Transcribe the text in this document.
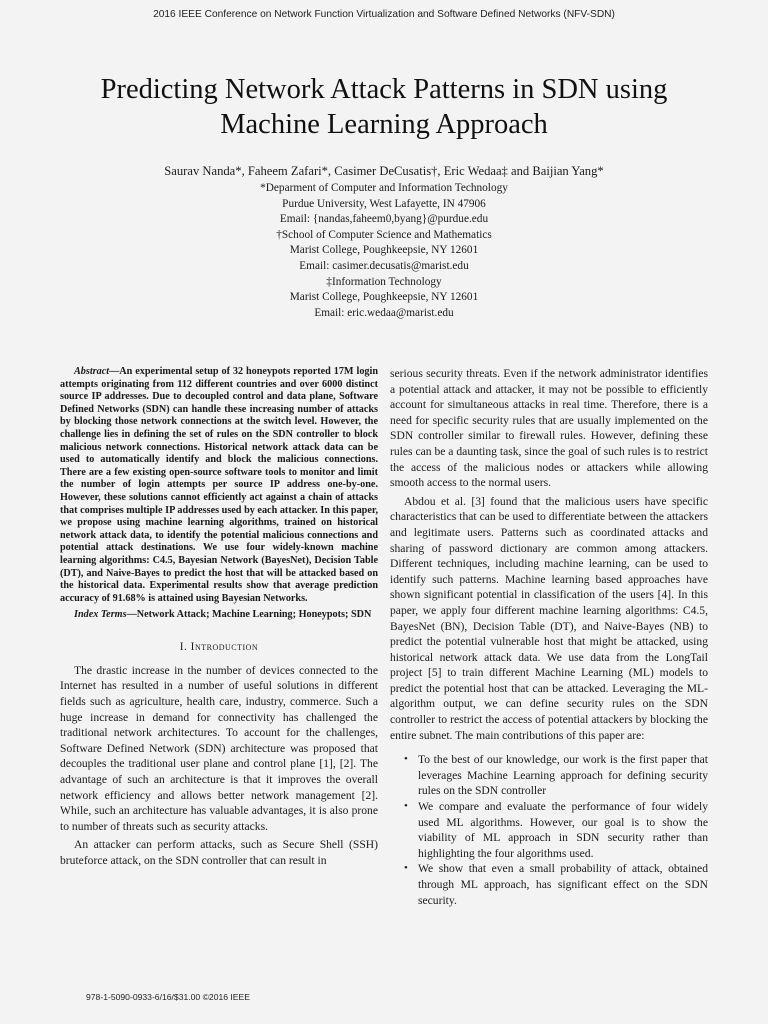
2016 IEEE Conference on Network Function Virtualization and Software Defined Networks (NFV-SDN)
Predicting Network Attack Patterns in SDN using
Machine Learning Approach
Saurav Nanda*, Faheem Zafari*, Casimer DeCusatis†, Eric Wedaa‡ and Baijian Yang*
*Deparment of Computer and Information Technology
Purdue University, West Lafayette, IN 47906
Email: {nandas,faheem0,byang}@purdue.edu
†School of Computer Science and Mathematics
Marist College, Poughkeepsie, NY 12601
Email: casimer.decusatis@marist.edu
‡Information Technology
Marist College, Poughkeepsie, NY 12601
Email: eric.wedaa@marist.edu

Abstract—An experimental setup of 32 honeypots reported 17M login attempts originating from 112 different countries and over 6000 distinct source IP addresses. Due to decoupled control and data plane, Software Defined Networks (SDN) can handle these increasing number of attacks by blocking those network connections at the switch level. However, the challenge lies in defining the set of rules on the SDN controller to block malicious network connections. Historical network attack data can be used to automatically identify and block the malicious connections. There are a few existing open-source software tools to monitor and limit the number of login attempts per source IP address one-by-one. However, these solutions cannot efficiently act against a chain of attacks that comprises multiple IP addresses used by each attacker. In this paper, we propose using machine learning algorithms, trained on historical network attack data, to identify the potential malicious connections and potential attack destinations. We use four widely-known machine learning algorithms: C4.5, Bayesian Network (BayesNet), Decision Table (DT), and Naive-Bayes to predict the host that will be attacked based on the historical data. Experimental results show that average prediction accuracy of 91.68% is attained using Bayesian Networks.

Index Terms—Network Attack; Machine Learning; Honeypots; SDN

I. Introduction

The drastic increase in the number of devices connected to the Internet has resulted in a number of useful solutions in different fields such as agriculture, health care, industry, commerce. Such a huge increase in demand for connectivity has challenged the traditional network architectures. To account for the challenges, Software Defined Network (SDN) architecture was proposed that decouples the traditional user plane and control plane [1], [2]. The advantage of such an architecture is that it improves the overall network efficiency and allows better network management [2]. While, such an architecture has valuable advantages, it is also prone to number of threats such as security attacks.

An attacker can perform attacks, such as Secure Shell (SSH) bruteforce attack, on the SDN controller that can result in

serious security threats. Even if the network administrator identifies a potential attack and attacker, it may not be possible to efficiently account for simultaneous attacks in real time. Therefore, there is a need for specific security rules that are usually implemented on the SDN controller similar to firewall rules. However, defining these rules can be a daunting task, since the goal of such rules is to restrict the access of the malicious nodes or attackers while allowing smooth access to the normal users.

Abdou et al. [3] found that the malicious users have specific characteristics that can be used to differentiate between the attackers and legitimate users. Patterns such as coordinated attacks and sharing of password dictionary are common among attackers. Different techniques, including machine learning, can be used to identify such patterns. Machine learning based approaches have shown significant potential in classification of the users [4]. In this paper, we apply four different machine learning algorithms: C4.5, BayesNet (BN), Decision Table (DT), and Naive-Bayes (NB) to predict the potential vulnerable host that might be attacked, using historical network attack data. We use data from the LongTail project [5] to train different Machine Learning (ML) models to predict the potential host that can be attacked. Leveraging the ML-algorithm output, we can define security rules on the SDN controller to restrict the access of potential attackers by blocking the entire subnet. The main contributions of this paper are:

• To the best of our knowledge, our work is the first paper that leverages Machine Learning approach for defining security rules on the SDN controller
• We compare and evaluate the performance of four widely used ML algorithms. However, our goal is to show the viability of ML approach in SDN security rather than highlighting the four algorithms used.
• We show that even a small probability of attack, obtained through ML approach, has significant effect on the SDN security.
978-1-5090-0933-6/16/$31.00 ©2016 IEEE
